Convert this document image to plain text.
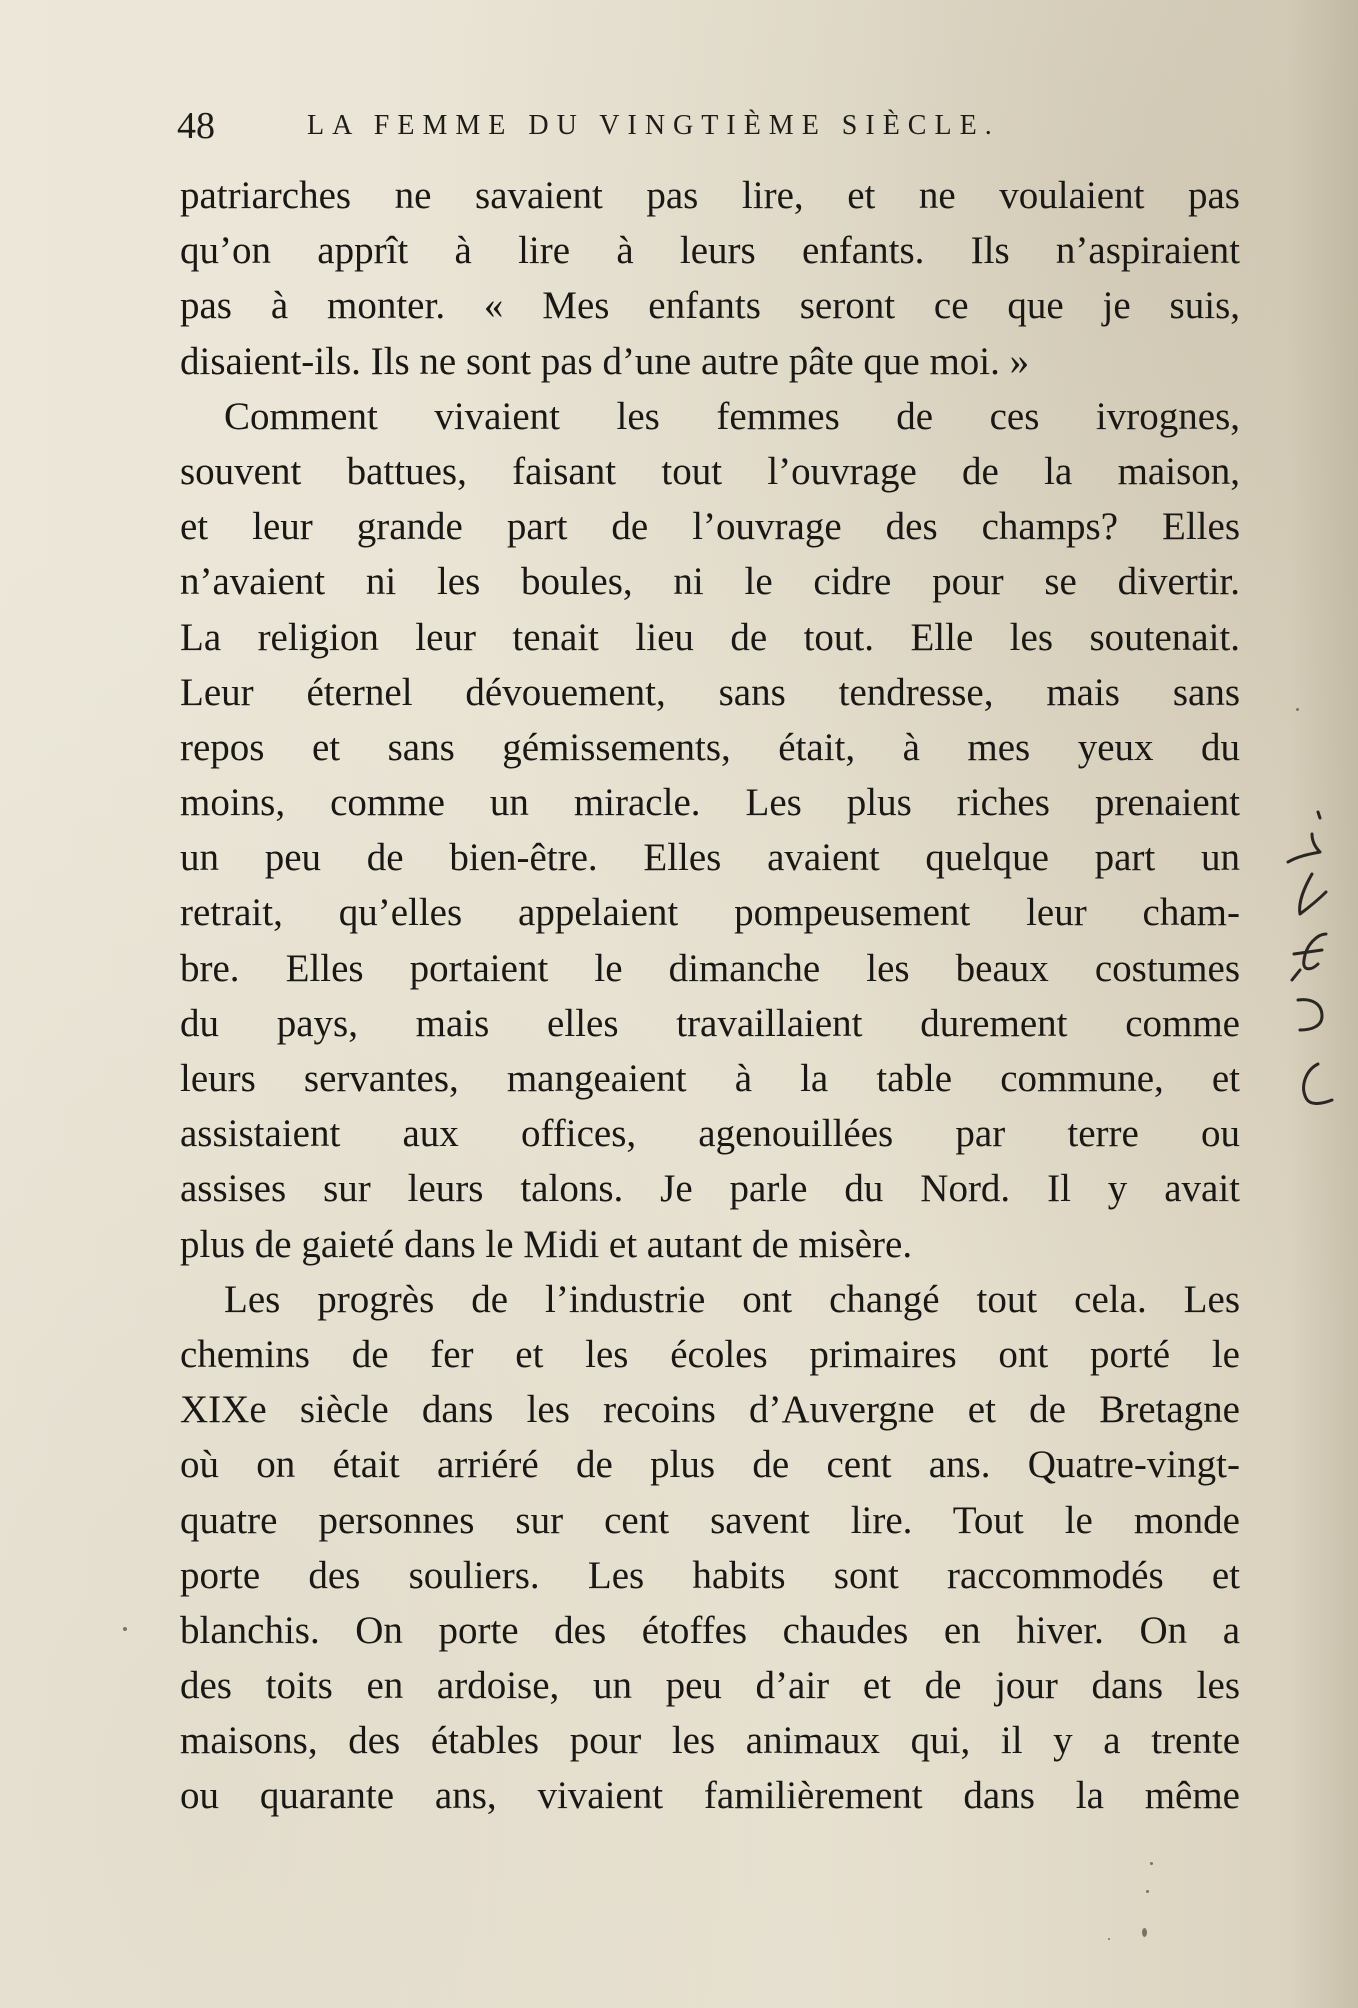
48	LA FEMME DU VINGTIÈME SIÈCLE.
patriarches ne savaient pas lire, et ne voulaient pas
qu’on apprît à lire à leurs enfants. Ils n’aspiraient
pas à monter. « Mes enfants seront ce que je suis,
disaient-ils. Ils ne sont pas d’une autre pâte que moi. »
Comment vivaient les femmes de ces ivrognes,
souvent battues, faisant tout l’ouvrage de la maison,
et leur grande part de l’ouvrage des champs? Elles
n’avaient ni les boules, ni le cidre pour se divertir.
La religion leur tenait lieu de tout. Elle les soutenait.
Leur éternel dévouement, sans tendresse, mais sans
repos et sans gémissements, était, à mes yeux du
moins, comme un miracle. Les plus riches prenaient
un peu de bien-être. Elles avaient quelque part un
retrait, qu’elles appelaient pompeusement leur cham-
bre. Elles portaient le dimanche les beaux costumes
du pays, mais elles travaillaient durement comme
leurs servantes, mangeaient à la table commune, et
assistaient aux offices, agenouillées par terre ou
assises sur leurs talons. Je parle du Nord. Il y avait
plus de gaieté dans le Midi et autant de misère.
Les progrès de l’industrie ont changé tout cela. Les
chemins de fer et les écoles primaires ont porté le
XIXe siècle dans les recoins d’Auvergne et de Bretagne
où on était arriéré de plus de cent ans. Quatre-vingt-
quatre personnes sur cent savent lire. Tout le monde
porte des souliers. Les habits sont raccommodés et
blanchis. On porte des étoffes chaudes en hiver. On a
des toits en ardoise, un peu d’air et de jour dans les
maisons, des étables pour les animaux qui, il y a trente
ou quarante ans, vivaient familièrement dans la même
